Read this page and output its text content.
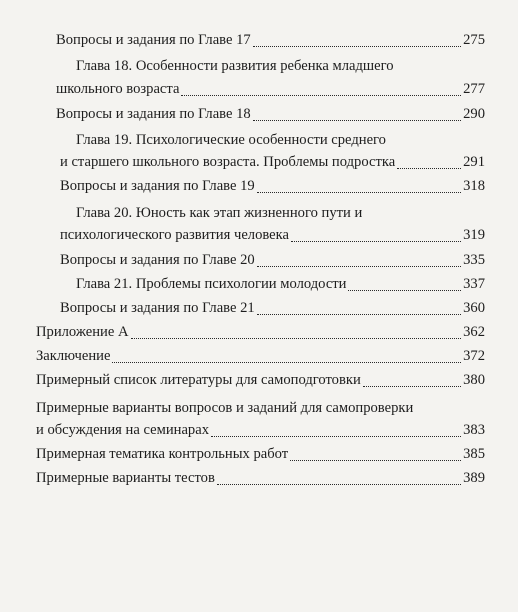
Вопросы и задания по Главе 17	275
Глава 18. Особенности развития ребенка младшего
школьного возраста	277
Вопросы и задания по Главе 18	290
Глава 19. Психологические особенности среднего
и старшего школьного возраста. Проблемы подростка	291
Вопросы и задания по Главе 19	318
Глава 20. Юность как этап жизненного пути и
психологического развития человека	319
Вопросы и задания по Главе 20	335
Глава 21. Проблемы психологии молодости	337
Вопросы и задания по Главе 21	360
Приложение А	362
Заключение	372
Примерный список литературы для самоподготовки	380
Примерные варианты вопросов и заданий для самопроверки
и обсуждения на семинарах	383
Примерная тематика контрольных работ	385
Примерные варианты тестов	389
